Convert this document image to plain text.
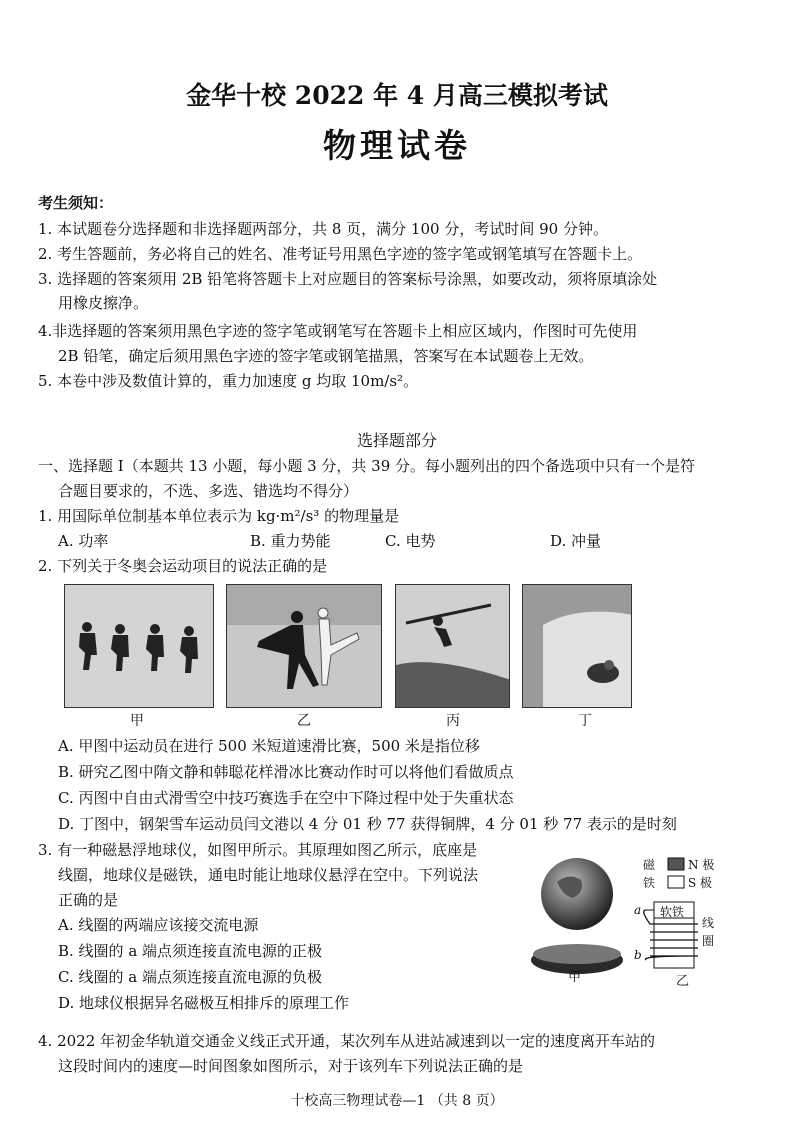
金华十校 2022 年 4 月高三模拟考试
物理试卷
考生须知：
1. 本试题卷分选择题和非选择题两部分，共 8 页，满分 100 分，考试时间 90 分钟。
2. 考生答题前，务必将自己的姓名、准考证号用黑色字迹的签字笔或钢笔填写在答题卡上。
3. 选择题的答案须用 2B 铅笔将答题卡上对应题目的答案标号涂黑，如要改动，须将原填涂处
用橡皮擦净。
4.非选择题的答案须用黑色字迹的签字笔或钢笔写在答题卡上相应区域内，作图时可先使用
2B 铅笔，确定后须用黑色字迹的签字笔或钢笔描黑，答案写在本试题卷上无效。
5. 本卷中涉及数值计算的，重力加速度 g 均取 10m/s²。
选择题部分
一、选择题 Ⅰ（本题共 13 小题，每小题 3 分，共 39 分。每小题列出的四个备选项中只有一个是符
合题目要求的，不选、多选、错选均不得分）
1. 用国际单位制基本单位表示为 kg·m²/s³ 的物理量是
A. 功率	B. 重力势能	C. 电势	D. 冲量
2. 下列关于冬奥会运动项目的说法正确的是
甲	乙	丙	丁
A. 甲图中运动员在进行 500 米短道速滑比赛，500 米是指位移
B. 研究乙图中隋文静和韩聪花样滑冰比赛动作时可以将他们看做质点
C. 丙图中自由式滑雪空中技巧赛选手在空中下降过程中处于失重状态
D. 丁图中，钢架雪车运动员闫文港以 4 分 01 秒 77 获得铜牌，4 分 01 秒 77 表示的是时刻
3. 有一种磁悬浮地球仪，如图甲所示。其原理如图乙所示，底座是
线圈，地球仪是磁铁，通电时能让地球仪悬浮在空中。下列说法
正确的是
A. 线圈的两端应该接交流电源
B. 线圈的 a 端点须连接直流电源的正极
C. 线圈的 a 端点须连接直流电源的负极
D. 地球仪根据异名磁极互相排斥的原理工作
甲
磁铁
N 极
S 极
软铁
a
b
线圈
乙
4. 2022 年初金华轨道交通金义线正式开通，某次列车从进站减速到以一定的速度离开车站的
这段时间内的速度—时间图象如图所示，对于该列车下列说法正确的是
十校高三物理试卷—1 （共 8 页）
